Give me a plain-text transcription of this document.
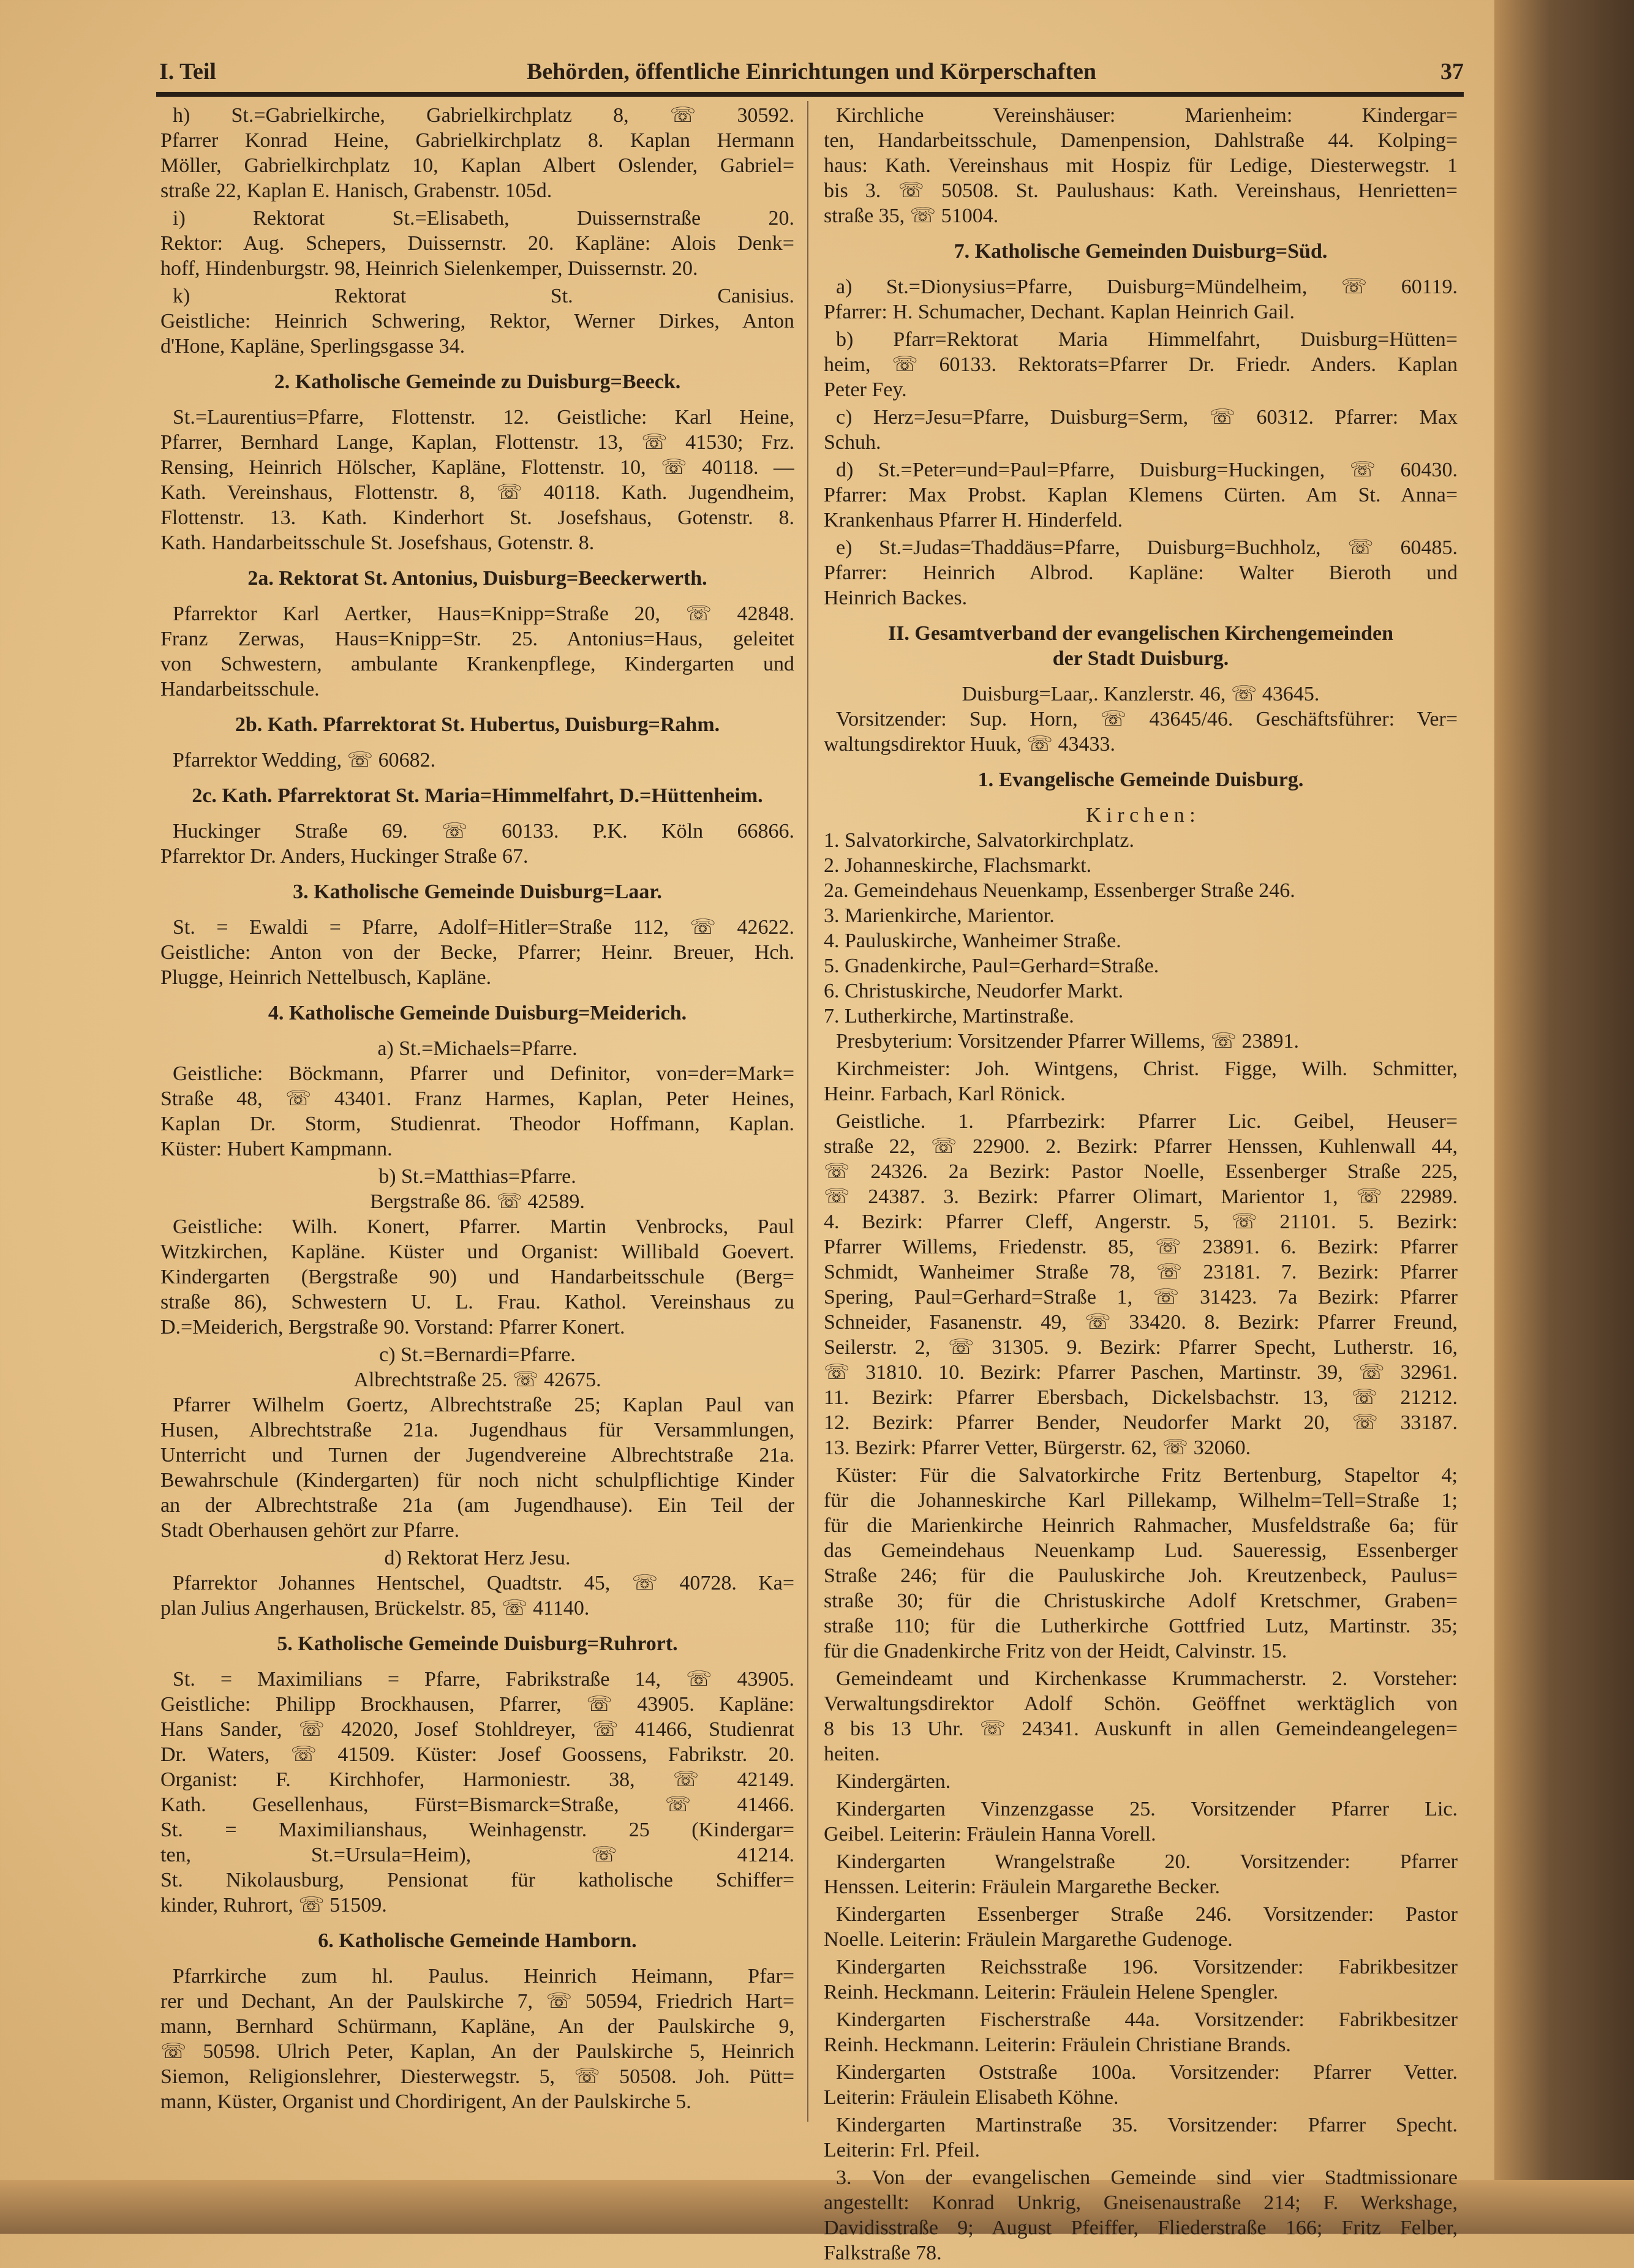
I. Teil	Behörden, öffentliche Einrichtungen und Körperschaften	37
h) St.=Gabrielkirche, Gabrielkirchplatz 8, ☏ 30592.
Pfarrer Konrad Heine, Gabrielkirchplatz 8. Kaplan Hermann
Möller, Gabrielkirchplatz 10, Kaplan Albert Oslender, Gabriel=
straße 22, Kaplan E. Hanisch, Grabenstr. 105d.
i) Rektorat St.=Elisabeth, Duissernstraße 20.
Rektor: Aug. Schepers, Duissernstr. 20. Kapläne: Alois Denk=
hoff, Hindenburgstr. 98, Heinrich Sielenkemper, Duissernstr. 20.
k) Rektorat St. Canisius.
Geistliche: Heinrich Schwering, Rektor, Werner Dirkes, Anton
d'Hone, Kapläne, Sperlingsgasse 34.
2. Katholische Gemeinde zu Duisburg=Beeck.
St.=Laurentius=Pfarre, Flottenstr. 12. Geistliche: Karl Heine,
Pfarrer, Bernhard Lange, Kaplan, Flottenstr. 13, ☏ 41530; Frz.
Rensing, Heinrich Hölscher, Kapläne, Flottenstr. 10, ☏ 40118. —
Kath. Vereinshaus, Flottenstr. 8, ☏ 40118. Kath. Jugendheim,
Flottenstr. 13. Kath. Kinderhort St. Josefshaus, Gotenstr. 8.
Kath. Handarbeitsschule St. Josefshaus, Gotenstr. 8.
2a. Rektorat St. Antonius, Duisburg=Beeckerwerth.
Pfarrektor Karl Aertker, Haus=Knipp=Straße 20, ☏ 42848.
Franz Zerwas, Haus=Knipp=Str. 25. Antonius=Haus, geleitet
von Schwestern, ambulante Krankenpflege, Kindergarten und
Handarbeitsschule.
2b. Kath. Pfarrektorat St. Hubertus, Duisburg=Rahm.
Pfarrektor Wedding, ☏ 60682.
2c. Kath. Pfarrektorat St. Maria=Himmelfahrt, D.=Hüttenheim.
Huckinger Straße 69. ☏ 60133. P.K. Köln 66866.
Pfarrektor Dr. Anders, Huckinger Straße 67.
3. Katholische Gemeinde Duisburg=Laar.
St. = Ewaldi = Pfarre, Adolf=Hitler=Straße 112, ☏ 42622.
Geistliche: Anton von der Becke, Pfarrer; Heinr. Breuer, Hch.
Plugge, Heinrich Nettelbusch, Kapläne.
4. Katholische Gemeinde Duisburg=Meiderich.
a) St.=Michaels=Pfarre.
Geistliche: Böckmann, Pfarrer und Definitor, von=der=Mark=
Straße 48, ☏ 43401. Franz Harmes, Kaplan, Peter Heines,
Kaplan Dr. Storm, Studienrat. Theodor Hoffmann, Kaplan.
Küster: Hubert Kampmann.
b) St.=Matthias=Pfarre.
Bergstraße 86. ☏ 42589.
Geistliche: Wilh. Konert, Pfarrer. Martin Venbrocks, Paul
Witzkirchen, Kapläne. Küster und Organist: Willibald Goevert.
Kindergarten (Bergstraße 90) und Handarbeitsschule (Berg=
straße 86), Schwestern U. L. Frau. Kathol. Vereinshaus zu
D.=Meiderich, Bergstraße 90. Vorstand: Pfarrer Konert.
c) St.=Bernardi=Pfarre.
Albrechtstraße 25. ☏ 42675.
Pfarrer Wilhelm Goertz, Albrechtstraße 25; Kaplan Paul van
Husen, Albrechtstraße 21a. Jugendhaus für Versammlungen,
Unterricht und Turnen der Jugendvereine Albrechtstraße 21a.
Bewahrschule (Kindergarten) für noch nicht schulpflichtige Kinder
an der Albrechtstraße 21a (am Jugendhause). Ein Teil der
Stadt Oberhausen gehört zur Pfarre.
d) Rektorat Herz Jesu.
Pfarrektor Johannes Hentschel, Quadtstr. 45, ☏ 40728. Ka=
plan Julius Angerhausen, Brückelstr. 85, ☏ 41140.
5. Katholische Gemeinde Duisburg=Ruhrort.
St. = Maximilians = Pfarre, Fabrikstraße 14, ☏ 43905.
Geistliche: Philipp Brockhausen, Pfarrer, ☏ 43905. Kapläne:
Hans Sander, ☏ 42020, Josef Stohldreyer, ☏ 41466, Studienrat
Dr. Waters, ☏ 41509. Küster: Josef Goossens, Fabrikstr. 20.
Organist: F. Kirchhofer, Harmoniestr. 38, ☏ 42149.
Kath. Gesellenhaus, Fürst=Bismarck=Straße, ☏ 41466.
St. = Maximilianshaus, Weinhagenstr. 25 (Kindergar=
ten, St.=Ursula=Heim), ☏ 41214.
St. Nikolausburg, Pensionat für katholische Schiffer=
kinder, Ruhrort, ☏ 51509.
6. Katholische Gemeinde Hamborn.
Pfarrkirche zum hl. Paulus. Heinrich Heimann, Pfar=
rer und Dechant, An der Paulskirche 7, ☏ 50594, Friedrich Hart=
mann, Bernhard Schürmann, Kapläne, An der Paulskirche 9,
☏ 50598. Ulrich Peter, Kaplan, An der Paulskirche 5, Heinrich
Siemon, Religionslehrer, Diesterwegstr. 5, ☏ 50508. Joh. Pütt=
mann, Küster, Organist und Chordirigent, An der Paulskirche 5.
Kirchliche Vereinshäuser: Marienheim: Kindergar=
ten, Handarbeitsschule, Damenpension, Dahlstraße 44. Kolping=
haus: Kath. Vereinshaus mit Hospiz für Ledige, Diesterwegstr. 1
bis 3. ☏ 50508. St. Paulushaus: Kath. Vereinshaus, Henrietten=
straße 35, ☏ 51004.
7. Katholische Gemeinden Duisburg=Süd.
a) St.=Dionysius=Pfarre, Duisburg=Mündelheim, ☏ 60119.
Pfarrer: H. Schumacher, Dechant. Kaplan Heinrich Gail.
b) Pfarr=Rektorat Maria Himmelfahrt, Duisburg=Hütten=
heim, ☏ 60133. Rektorats=Pfarrer Dr. Friedr. Anders. Kaplan
Peter Fey.
c) Herz=Jesu=Pfarre, Duisburg=Serm, ☏ 60312. Pfarrer: Max
Schuh.
d) St.=Peter=und=Paul=Pfarre, Duisburg=Huckingen, ☏ 60430.
Pfarrer: Max Probst. Kaplan Klemens Cürten. Am St. Anna=
Krankenhaus Pfarrer H. Hinderfeld.
e) St.=Judas=Thaddäus=Pfarre, Duisburg=Buchholz, ☏ 60485.
Pfarrer: Heinrich Albrod. Kapläne: Walter Bieroth und
Heinrich Backes.
II. Gesamtverband der evangelischen Kirchengemeinden
der Stadt Duisburg.
Duisburg=Laar,. Kanzlerstr. 46, ☏ 43645.
Vorsitzender: Sup. Horn, ☏ 43645/46. Geschäftsführer: Ver=
waltungsdirektor Huuk, ☏ 43433.
1. Evangelische Gemeinde Duisburg.
K i r c h e n :
1. Salvatorkirche, Salvatorkirchplatz.
2. Johanneskirche, Flachsmarkt.
2a. Gemeindehaus Neuenkamp, Essenberger Straße 246.
3. Marienkirche, Marientor.
4. Pauluskirche, Wanheimer Straße.
5. Gnadenkirche, Paul=Gerhard=Straße.
6. Christuskirche, Neudorfer Markt.
7. Lutherkirche, Martinstraße.
Presbyterium: Vorsitzender Pfarrer Willems, ☏ 23891.
Kirchmeister: Joh. Wintgens, Christ. Figge, Wilh. Schmitter,
Heinr. Farbach, Karl Rönick.
Geistliche. 1. Pfarrbezirk: Pfarrer Lic. Geibel, Heuser=
straße 22, ☏ 22900. 2. Bezirk: Pfarrer Henssen, Kuhlenwall 44,
☏ 24326. 2a Bezirk: Pastor Noelle, Essenberger Straße 225,
☏ 24387. 3. Bezirk: Pfarrer Olimart, Marientor 1, ☏ 22989.
4. Bezirk: Pfarrer Cleff, Angerstr. 5, ☏ 21101. 5. Bezirk:
Pfarrer Willems, Friedenstr. 85, ☏ 23891. 6. Bezirk: Pfarrer
Schmidt, Wanheimer Straße 78, ☏ 23181. 7. Bezirk: Pfarrer
Spering, Paul=Gerhard=Straße 1, ☏ 31423. 7a Bezirk: Pfarrer
Schneider, Fasanenstr. 49, ☏ 33420. 8. Bezirk: Pfarrer Freund,
Seilerstr. 2, ☏ 31305. 9. Bezirk: Pfarrer Specht, Lutherstr. 16,
☏ 31810. 10. Bezirk: Pfarrer Paschen, Martinstr. 39, ☏ 32961.
11. Bezirk: Pfarrer Ebersbach, Dickelsbachstr. 13, ☏ 21212.
12. Bezirk: Pfarrer Bender, Neudorfer Markt 20, ☏ 33187.
13. Bezirk: Pfarrer Vetter, Bürgerstr. 62, ☏ 32060.
Küster: Für die Salvatorkirche Fritz Bertenburg, Stapeltor 4;
für die Johanneskirche Karl Pillekamp, Wilhelm=Tell=Straße 1;
für die Marienkirche Heinrich Rahmacher, Musfeldstraße 6a; für
das Gemeindehaus Neuenkamp Lud. Saueressig, Essenberger
Straße 246; für die Pauluskirche Joh. Kreutzenbeck, Paulus=
straße 30; für die Christuskirche Adolf Kretschmer, Graben=
straße 110; für die Lutherkirche Gottfried Lutz, Martinstr. 35;
für die Gnadenkirche Fritz von der Heidt, Calvinstr. 15.
Gemeindeamt und Kirchenkasse Krummacherstr. 2. Vorsteher:
Verwaltungsdirektor Adolf Schön. Geöffnet werktäglich von
8 bis 13 Uhr. ☏ 24341. Auskunft in allen Gemeindeangelegen=
heiten.
Kindergärten.
Kindergarten Vinzenzgasse 25. Vorsitzender Pfarrer Lic.
Geibel. Leiterin: Fräulein Hanna Vorell.
Kindergarten Wrangelstraße 20. Vorsitzender: Pfarrer
Henssen. Leiterin: Fräulein Margarethe Becker.
Kindergarten Essenberger Straße 246. Vorsitzender: Pastor
Noelle. Leiterin: Fräulein Margarethe Gudenoge.
Kindergarten Reichsstraße 196. Vorsitzender: Fabrikbesitzer
Reinh. Heckmann. Leiterin: Fräulein Helene Spengler.
Kindergarten Fischerstraße 44a. Vorsitzender: Fabrikbesitzer
Reinh. Heckmann. Leiterin: Fräulein Christiane Brands.
Kindergarten Oststraße 100a. Vorsitzender: Pfarrer Vetter.
Leiterin: Fräulein Elisabeth Köhne.
Kindergarten Martinstraße 35. Vorsitzender: Pfarrer Specht.
Leiterin: Frl. Pfeil.
3. Von der evangelischen Gemeinde sind vier Stadtmissionare
angestellt: Konrad Unkrig, Gneisenaustraße 214; F. Werkshage,
Davidisstraße 9; August Pfeiffer, Fliederstraße 166; Fritz Felber,
Falkstraße 78.
